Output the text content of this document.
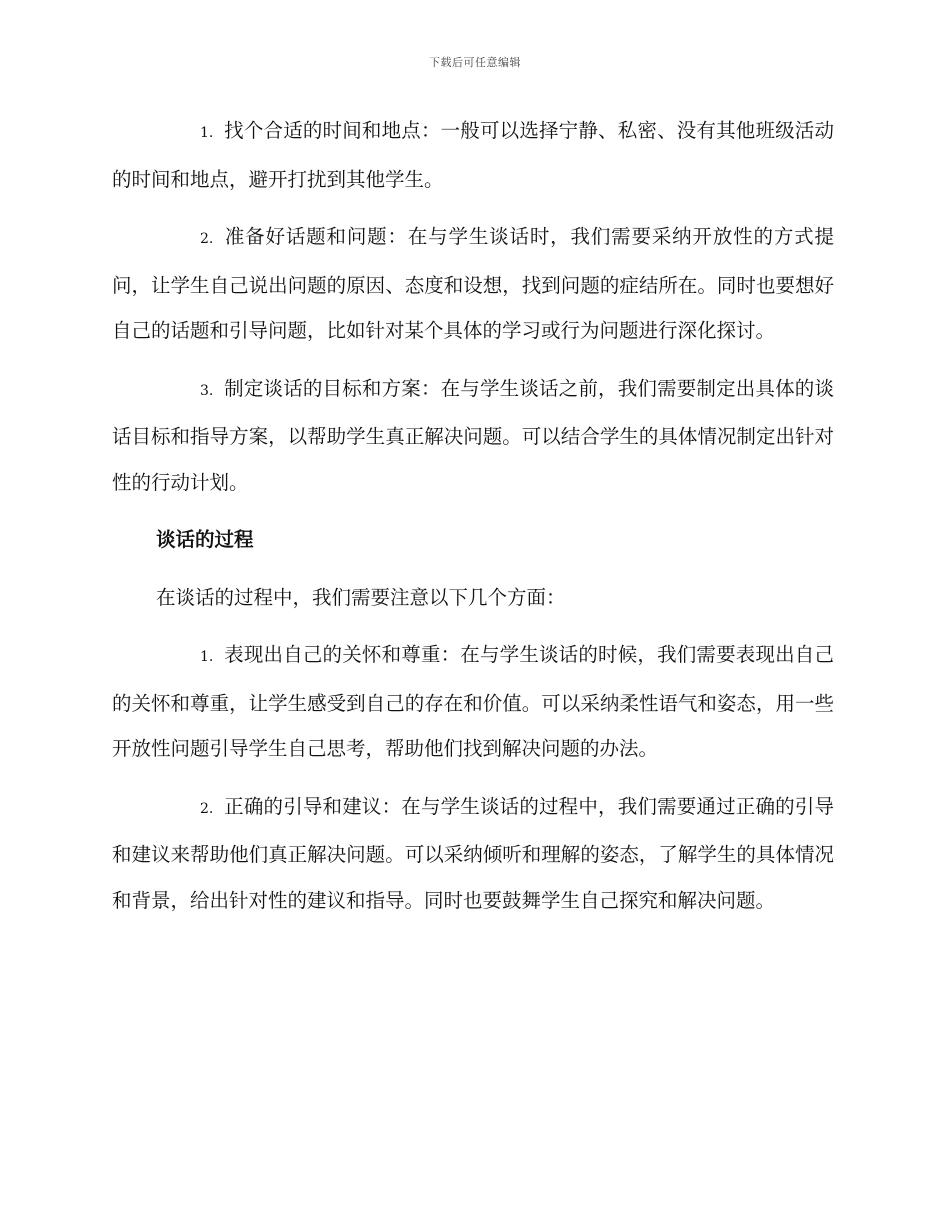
下载后可任意编辑

1. 找个合适的时间和地点：一般可以选择宁静、私密、没有其他班级活动的时间和地点，避开打扰到其他学生。

2. 准备好话题和问题：在与学生谈话时，我们需要采纳开放性的方式提问，让学生自己说出问题的原因、态度和设想，找到问题的症结所在。同时也要想好自己的话题和引导问题，比如针对某个具体的学习或行为问题进行深化探讨。

3. 制定谈话的目标和方案：在与学生谈话之前，我们需要制定出具体的谈话目标和指导方案，以帮助学生真正解决问题。可以结合学生的具体情况制定出针对性的行动计划。

谈话的过程
在谈话的过程中，我们需要注意以下几个方面：

1. 表现出自己的关怀和尊重：在与学生谈话的时候，我们需要表现出自己的关怀和尊重，让学生感受到自己的存在和价值。可以采纳柔性语气和姿态，用一些开放性问题引导学生自己思考，帮助他们找到解决问题的办法。

2. 正确的引导和建议：在与学生谈话的过程中，我们需要通过正确的引导和建议来帮助他们真正解决问题。可以采纳倾听和理解的姿态，了解学生的具体情况和背景，给出针对性的建议和指导。同时也要鼓舞学生自己探究和解决问题。
